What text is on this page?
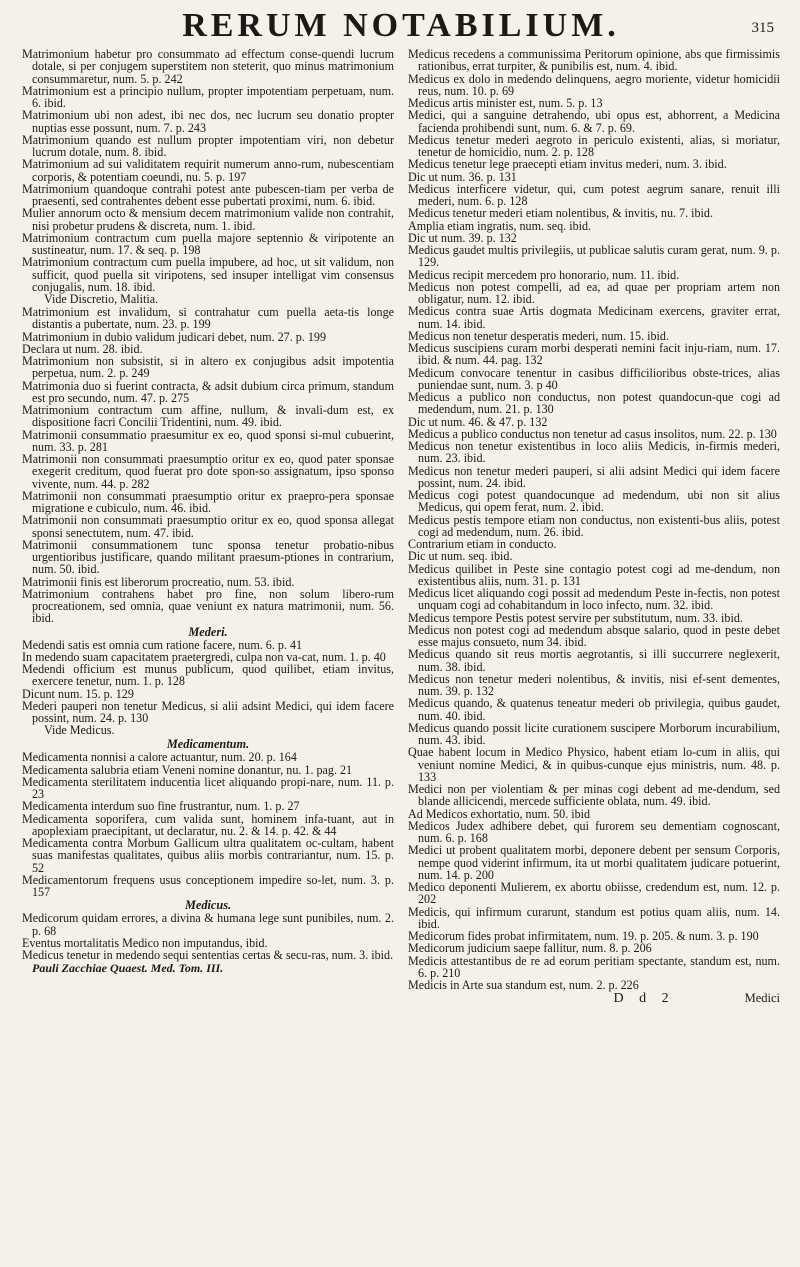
RERUM NOTABILIUM.	315
Matrimonium habetur pro consummato ad effectum conse-quendi lucrum dotale, si per conjugem superstitem non steterit, quo minus matrimonium consummaretur, num. 5. p. 242
Matrimonium est a principio nullum, propter impotentiam perpetuam, num. 6. ibid.
Matrimonium ubi non adest, ibi nec dos, nec lucrum seu donatio propter nuptias esse possunt, num. 7. p. 243
Matrimonium quando est nullum propter impotentiam viri, non debetur lucrum dotale, num. 8. ibid.
Matrimonium ad sui validitatem requirit numerum anno-rum, nubescentiam corporis, & potentiam coeundi, nu. 5. p. 197
Matrimonium quandoque contrahi potest ante pubescen-tiam per verba de praesenti, sed contrahentes debent esse pubertati proximi, num. 6. ibid.
Mulier annorum octo & mensium decem matrimonium valide non contrahit, nisi probetur prudens & discreta, num. 1. ibid.
Matrimonium contractum cum puella majore septennio & viripotente an sustineatur, num. 17. & seq. p. 198
Matrimonium contractum cum puella impubere, ad hoc, ut sit validum, non sufficit, quod puella sit viripotens, sed insuper intelligat vim consensus conjugalis, num. 18. ibid.
Vide Discretio, Malitia.
Matrimonium est invalidum, si contrahatur cum puella aeta-tis longe distantis a pubertate, num. 23. p. 199
Matrimonium in dubio validum judicari debet, num. 27. p. 199
Declara ut num. 28. ibid.
Matrimonium non subsistit, si in altero ex conjugibus adsit impotentia perpetua, num. 2. p. 249
Matrimonia duo si fuerint contracta, & adsit dubium circa primum, standum est pro secundo, num. 47. p. 275
Matrimonium contractum cum affine, nullum, & invali-dum est, ex dispositione facri Concilii Tridentini, num. 49. ibid.
Matrimonii consummatio praesumitur ex eo, quod sponsi si-mul cubuerint, num. 33. p. 281
Matrimonii non consummati praesumptio oritur ex eo, quod pater sponsae exegerit creditum, quod fuerat pro dote spon-so assignatum, ipso sponso vivente, num. 44. p. 282
Matrimonii non consummati praesumptio oritur ex praepro-pera sponsae migratione e cubiculo, num. 46. ibid.
Matrimonii non consummati praesumptio oritur ex eo, quod sponsa allegat sponsi senectutem, num. 47. ibid.
Matrimonii consummationem tunc sponsa tenetur probatio-nibus urgentioribus justificare, quando militant praesum-ptiones in contrarium, num. 50. ibid.
Matrimonii finis est liberorum procreatio, num. 53. ibid.
Matrimonium contrahens habet pro fine, non solum libero-rum procreationem, sed omnia, quae veniunt ex natura matrimonii, num. 56. ibid.
Mederi.
Medendi satis est omnia cum ratione facere, num. 6. p. 41
In medendo suam capacitatem praetergredi, culpa non va-cat, num. 1. p. 40
Medendi officium est munus publicum, quod quilibet, etiam invitus, exercere tenetur, num. 1. p. 128
Dicunt num. 15. p. 129
Mederi pauperi non tenetur Medicus, si alii adsint Medici, qui idem facere possint, num. 24. p. 130
Vide Medicus.
Medicamentum.
Medicamenta nonnisi a calore actuantur, num. 20. p. 164
Medicamenta salubria etiam Veneni nomine donantur, nu. 1. pag. 21
Medicamenta sterilitatem inducentia licet aliquando propi-nare, num. 11. p. 23
Medicamenta interdum suo fine frustrantur, num. 1. p. 27
Medicamenta soporifera, cum valida sunt, hominem infa-tuant, aut in apoplexiam praecipitant, ut declaratur, nu. 2. & 14. p. 42. & 44
Medicamenta contra Morbum Gallicum ultra qualitatem oc-cultam, habent suas manifestas qualitates, quibus aliis morbis contrariantur, num. 15. p. 52
Medicamentorum frequens usus conceptionem impedire so-let, num. 3. p. 157
Medicus.
Medicorum quidam errores, a divina & humana lege sunt punibiles, num. 2. p. 68
Eventus mortalitatis Medico non imputandus, ibid.
Medicus tenetur in medendo sequi sententias certas & secu-ras, num. 3. ibid.
Pauli Zacchiae Quaest. Med. Tom. III.
Medicus recedens a communissima Peritorum opinione, abs que firmissimis rationibus, errat turpiter, & punibilis est, num. 4. ibid.
Medicus ex dolo in medendo delinquens, aegro moriente, videtur homicidii reus, num. 10. p. 69
Medicus artis minister est, num. 5. p. 13
Medici, qui a sanguine detrahendo, ubi opus est, abhorrent, a Medicina facienda prohibendi sunt, num. 6. & 7. p. 69.
Medicus tenetur mederi aegroto in periculo existenti, alias, si moriatur, tenetur de homicidio, num. 2. p. 128
Medicus tenetur lege praecepti etiam invitus mederi, num. 3. ibid.
Dic ut num. 36. p. 131
Medicus interficere videtur, qui, cum potest aegrum sanare, renuit illi mederi, num. 6. p. 128
Medicus tenetur mederi etiam nolentibus, & invitis, nu. 7. ibid.
Amplia etiam ingratis, num. seq. ibid.
Dic ut num. 39. p. 132
Medicus gaudet multis privilegiis, ut publicae salutis curam gerat, num. 9. p. 129.
Medicus recipit mercedem pro honorario, num. 11. ibid.
Medicus non potest compelli, ad ea, ad quae per propriam artem non obligatur, num. 12. ibid.
Medicus contra suae Artis dogmata Medicinam exercens, graviter errat, num. 14. ibid.
Medicus non tenetur desperatis mederi, num. 15. ibid.
Medicus suscipiens curam morbi desperati nemini facit inju-riam, num. 17. ibid. & num. 44. pag. 132
Medicum convocare tenentur in casibus difficilioribus obste-trices, alias puniendae sunt, num. 3. p 40
Medicus a publico non conductus, non potest quandocun-que cogi ad medendum, num. 21. p. 130
Dic ut num. 46. & 47. p. 132
Medicus a publico conductus non tenetur ad casus insolitos, num. 22. p. 130
Medicus non tenetur existentibus in loco aliis Medicis, in-firmis mederi, num. 23. ibid.
Medicus non tenetur mederi pauperi, si alii adsint Medici qui idem facere possint, num. 24. ibid.
Medicus cogi potest quandocunque ad medendum, ubi non sit alius Medicus, qui opem ferat, num. 2. ibid.
Medicus pestis tempore etiam non conductus, non existenti-bus aliis, potest cogi ad medendum, num. 26. ibid.
Contrarium etiam in conducto.
Dic ut num. seq. ibid.
Medicus quilibet in Peste sine contagio potest cogi ad me-dendum, non existentibus aliis, num. 31. p. 131
Medicus licet aliquando cogi possit ad medendum Peste in-fectis, non potest unquam cogi ad cohabitandum in loco infecto, num. 32. ibid.
Medicus tempore Pestis potest servire per substitutum, num. 33. ibid.
Medicus non potest cogi ad medendum absque salario, quod in peste debet esse majus consueto, num 34. ibid.
Medicus quando sit reus mortis aegrotantis, si illi succurrere neglexerit, num. 38. ibid.
Medicus non tenetur mederi nolentibus, & invitis, nisi ef-sent dementes, num. 39. p. 132
Medicus quando, & quatenus teneatur mederi ob privilegia, quibus gaudet, num. 40. ibid.
Medicus quando possit licite curationem suscipere Morborum incurabilium, num. 43. ibid.
Quae habent locum in Medico Physico, habent etiam lo-cum in aliis, qui veniunt nomine Medici, & in quibus-cunque ejus ministris, num. 48. p. 133
Medici non per violentiam & per minas cogi debent ad me-dendum, sed blande allicicendi, mercede sufficiente oblata, num. 49. ibid.
Ad Medicos exhortatio, num. 50. ibid
Medicos Judex adhibere debet, qui furorem seu dementiam cognoscant, num. 6. p. 168
Medici ut probent qualitatem morbi, deponere debent per sensum Corporis, nempe quod viderint infirmum, ita ut morbi qualitatem judicare potuerint, num. 14. p. 200
Medico deponenti Mulierem, ex abortu obiisse, credendum est, num. 12. p. 202
Medicis, qui infirmum curarunt, standum est potius quam aliis, num. 14. ibid.
Medicorum fides probat infirmitatem, num. 19. p. 205. & num. 3. p. 190
Medicorum judicium saepe fallitur, num. 8. p. 206
Medicis attestantibus de re ad eorum peritiam spectante, standum est, num. 6. p. 210
Medicis in Arte sua standum est, num. 2. p. 226
D d 2	Medici
